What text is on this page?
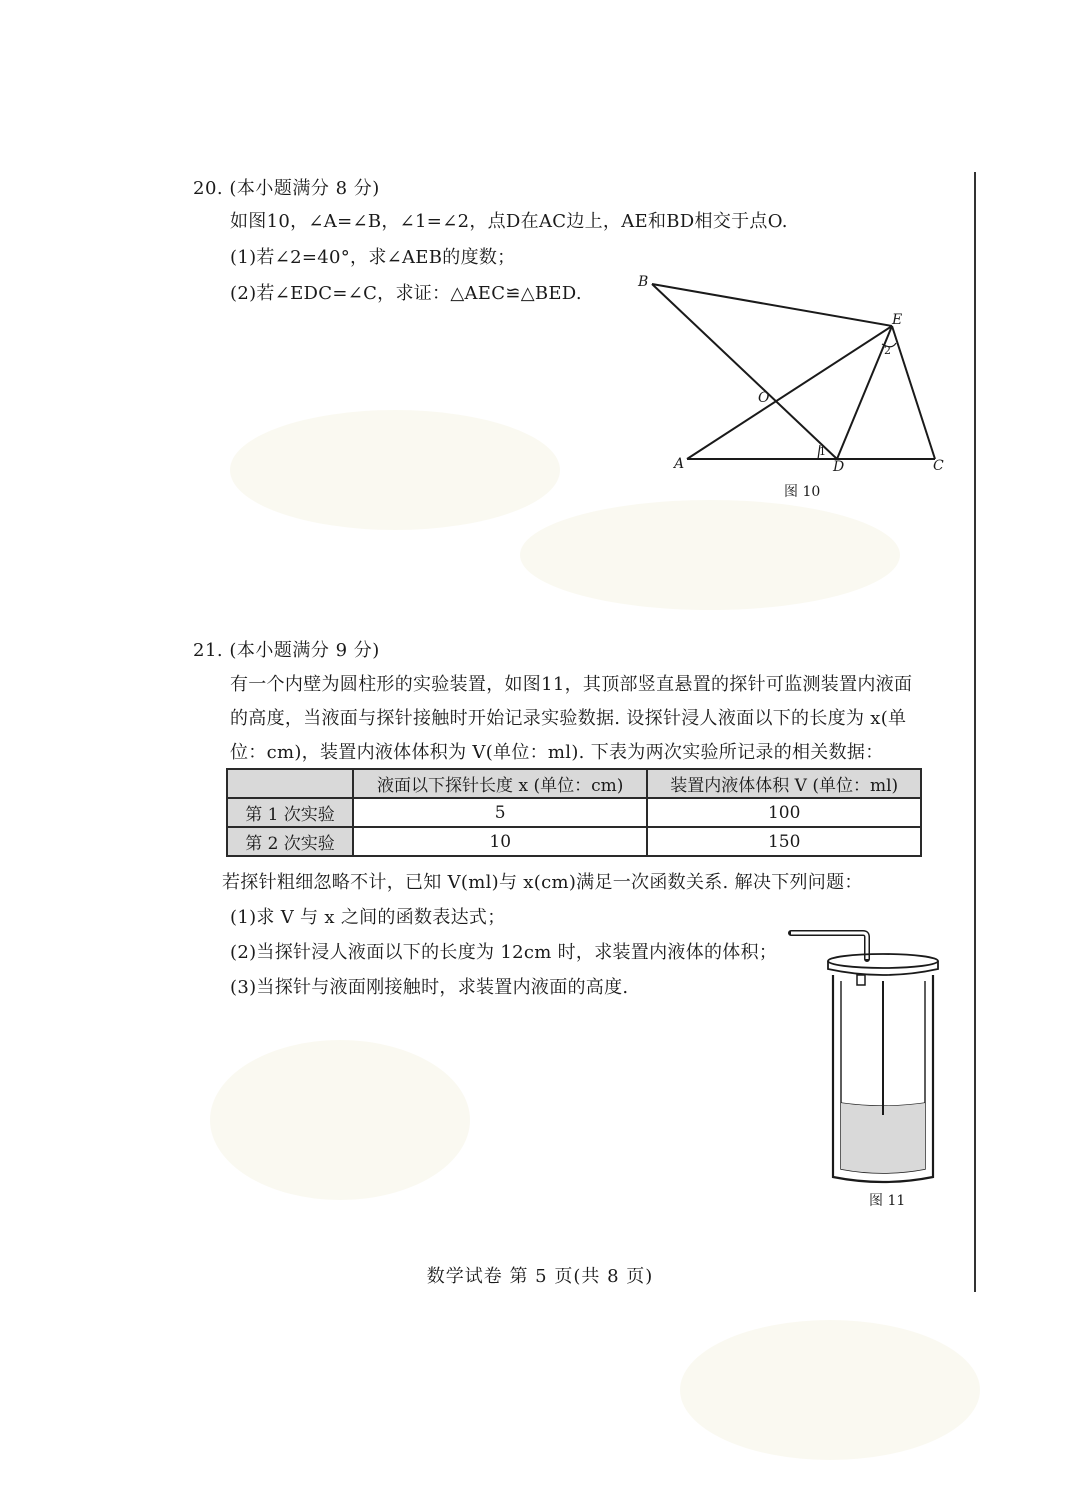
20. (本小题满分 8 分)
如图10，∠A=∠B，∠1=∠2，点D在AC边上，AE和BD相交于点O.
(1)若∠2=40°，求∠AEB的度数；
(2)若∠EDC=∠C，求证：△AEC≌△BED.
B
E
O
A	D	C
1
2
图 10
21. (本小题满分 9 分)
有一个内壁为圆柱形的实验装置，如图11，其顶部竖直悬置的探针可监测装置内液面
的高度，当液面与探针接触时开始记录实验数据. 设探针浸人液面以下的长度为 x(单
位：cm)，装置内液体体积为 V(单位：ml). 下表为两次实验所记录的相关数据：
	液面以下探针长度 x (单位：cm)	装置内液体体积 V (单位：ml)
第 1 次实验	5	100
第 2 次实验	10	150
若探针粗细忽略不计，已知 V(ml)与 x(cm)满足一次函数关系. 解决下列问题：
(1)求 V 与 x 之间的函数表达式；
(2)当探针浸人液面以下的长度为 12cm 时，求装置内液体的体积；
(3)当探针与液面刚接触时，求装置内液面的高度.
图 11
数学试卷 第 5 页(共 8 页)
